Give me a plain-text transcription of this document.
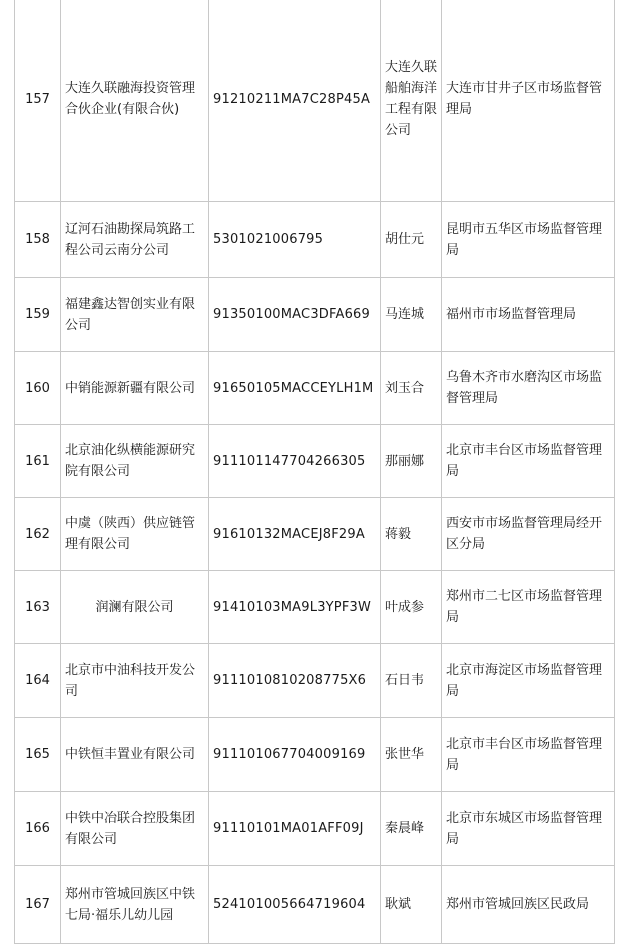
157	大连久联融海投资管理合伙企业(有限合伙)	91210211MA7C28P45A	大连久联船舶海洋工程有限公司	大连市甘井子区市场监督管理局
158	辽河石油勘探局筑路工程公司云南分公司	5301021006795	胡仕元	昆明市五华区市场监督管理局
159	福建鑫达智创实业有限公司	91350100MAC3DFA669	马连城	福州市市场监督管理局
160	中销能源新疆有限公司	91650105MACCEYLH1M	刘玉合	乌鲁木齐市水磨沟区市场监督管理局
161	北京油化纵横能源研究院有限公司	911101147704266305	那丽娜	北京市丰台区市场监督管理局
162	中虞（陕西）供应链管理有限公司	91610132MACEJ8F29A	蒋毅	西安市市场监督管理局经开区分局
163	润澜有限公司	91410103MA9L3YPF3W	叶成参	郑州市二七区市场监督管理局
164	北京市中油科技开发公司	9111010810208775X6	石日韦	北京市海淀区市场监督管理局
165	中铁恒丰置业有限公司	911101067704009169	张世华	北京市丰台区市场监督管理局
166	中铁中冶联合控股集团有限公司	91110101MA01AFF09J	秦晨峰	北京市东城区市场监督管理局
167	郑州市管城回族区中铁七局·福乐儿幼儿园	524101005664719604	耿斌	郑州市管城回族区民政局
